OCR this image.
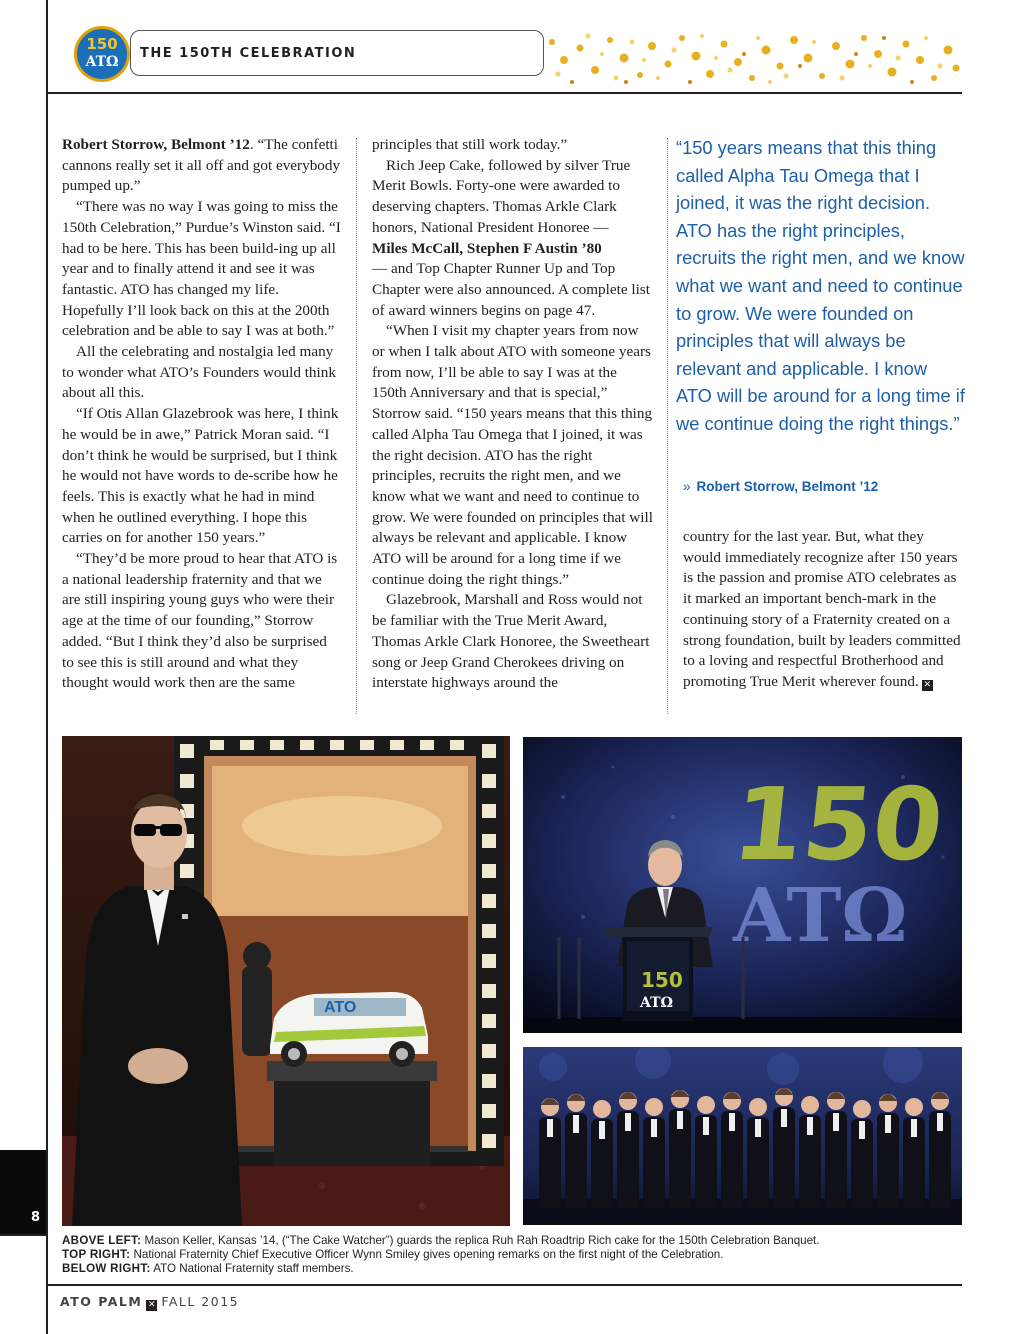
THE 150TH CELEBRATION
150
ATΩ

Robert Storrow, Belmont ’12. “The confetti cannons really set it all off and got everybody pumped up.”

“There was no way I was going to miss the 150th Celebration,” Purdue’s Winston said. “I had to be here. This has been build-ing up all year and to finally attend it and see it was fantastic. ATO has changed my life. Hopefully I’ll look back on this at the 200th celebration and be able to say I was at both.”

All the celebrating and nostalgia led many to wonder what ATO’s Founders would think about all this.

“If Otis Allan Glazebrook was here, I think he would be in awe,” Patrick Moran said. “I don’t think he would be surprised, but I think he would not have words to de-scribe how he feels. This is exactly what he had in mind when he outlined everything. I hope this carries on for another 150 years.”

“They’d be more proud to hear that ATO is a national leadership fraternity and that we are still inspiring young guys who were their age at the time of our founding,” Storrow added. “But I think they’d also be surprised to see this is still around and what they thought would work then are the same

principles that still work today.”

Rich Jeep Cake, followed by silver True Merit Bowls. Forty-one were awarded to deserving chapters. Thomas Arkle Clark honors, National President Honoree —
Miles McCall, Stephen F Austin ’80
— and Top Chapter Runner Up and Top Chapter were also announced. A complete list of award winners begins on page 47.

“When I visit my chapter years from now or when I talk about ATO with someone years from now, I’ll be able to say I was at the 150th Anniversary and that is special,” Storrow said. “150 years means that this thing called Alpha Tau Omega that I joined, it was the right decision. ATO has the right principles, recruits the right men, and we know what we want and need to continue to grow. We were founded on principles that will always be relevant and applicable. I know ATO will be around for a long time if we continue doing the right things.”

Glazebrook, Marshall and Ross would not be familiar with the True Merit Award, Thomas Arkle Clark Honoree, the Sweetheart song or Jeep Grand Cherokees driving on interstate highways around the

“150 years means that this thing called Alpha Tau Omega that I joined, it was the right decision. ATO has the right principles, recruits the right men, and we know what we want and need to continue to grow. We were founded on principles that will always be relevant and applicable. I know ATO will be around for a long time if we continue doing the right things.”
» Robert Storrow, Belmont ’12

country for the last year. But, what they would immediately recognize after 150 years is the passion and promise ATO celebrates as it marked an important bench-mark in the continuing story of a Fraternity created on a strong foundation, built by leaders committed to a loving and respectful Brotherhood and promoting True Merit wherever found. ✕

ATO
150
ATΩ
150
ATΩ
8
ABOVE LEFT: Mason Keller, Kansas ’14, (“The Cake Watcher”) guards the replica Ruh Rah Roadtrip Rich cake for the 150th Celebration Banquet.
TOP RIGHT: National Fraternity Chief Executive Officer Wynn Smiley gives opening remarks on the first night of the Celebration.
BELOW RIGHT: ATO National Fraternity staff members.
ATO PALM ✕ FALL 2015
